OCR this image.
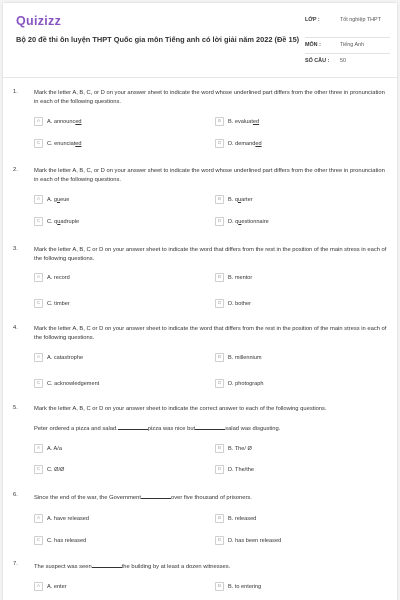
Quizizz
Bộ 20 đề thi ôn luyện THPT Quốc gia môn Tiếng anh có lời giải năm 2022 (Đề 15)
LỚP :	Tốt nghiệp THPT
MÔN :	Tiếng Anh
SỐ CÂU :	50
1.	Mark the letter A, B, C, or D on your answer sheet to indicate the word whose underlined part differs from the other three in pronunciation in each of the following questions.
A	A. announced	B	B. evaluated
C	C. enunciated	D	D. demanded
2.	Mark the letter A, B, C, or D on your answer sheet to indicate the word whose underlined part differs from the other three in pronunciation in each of the following questions.
A	A. gueue	B	B. quarter
C	C. quadruple	D	D. questionnaire
3.	Mark the letter A, B, C or D on your answer sheet to indicate the word that differs from the rest in the position of the main stress in each of the following questions.
A	A. record	B	B. mentor
C	C. timber	D	D. bother
4.	Mark the letter A, B, C or D on your answer sheet to indicate the word that differs from the rest in the position of the main stress in each of the following questions.
A	A. catastrophe	B	B. millennium
C	C. acknowledgement	D	D. photograph
5.	Mark the letter A, B, C or D on your answer sheet to indicate the correct answer to each of the following questions.
Peter ordered a pizza and salad.	pizza was nice but	salad was disgusting.
A	A. A/a	B	B. The/ Ø
C	C. Ø/Ø	D	D. The/the
6.	Since the end of the war, the Government	over five thousand of prisoners.
A	A. have released	B	B. released
C	C. has released	D	D. has been released
7.	The suspect was seen	the building by at least a dozen witnesses.
A	A. enter	B	B. to entering
